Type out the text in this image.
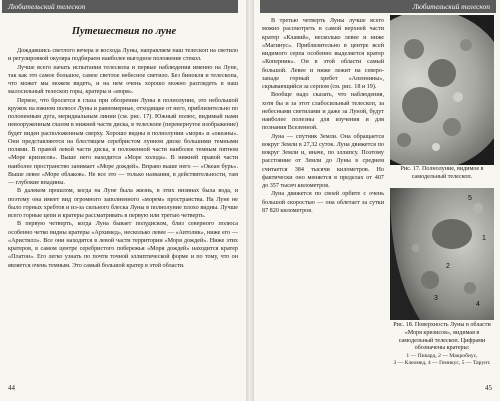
Любительский телескоп
Путешествия по луне

Дождавшись светлого вечера и восхода Луны, направляем наш телескоп на светило и регулировкой окуляра подбираем наиболее выгодное положение стекол.

Лучше всего начать испытания телескопа и первые наблюдения именно на Луне, так как это самое большое, самое светлое небесное светило. Без бинокля и телескопа, что может мы можем видеть, и на нем очень хорошо можно разглядеть в наш малосильный телескоп горы, кратеры и «моря».

Первое, что бросится в глаза при обозрении Луны в полнолуние, это небольшой кружок на южном полюсе Луны и равномерные, отходящие от него, приблизительно по полоненным дуга, меридиальным линии (см. рис. 17). Южный полюс, видимый нами невооруженным глазом в нижней части диска, в телескопе (перевернутое изображение) будет виден расположенным сверху. Хорошо видны в полнолунии «моря» и «океаны». Они представляются на блестящем серебристом лунном диске большими темными полями. В правой левой части диска, в положенной части наиболее темным пятном «Море кризисов». Выше него находится «Море холода». В нижней правой части наиболее пространство занимает «Море дождей». Вправо выше него — «Океан бурь». Выше левее «Море облаков». Не все это — только названия, в действительности, там — глубокие впадины.

В далеком прошлом, когда на Луне была жизнь, в этих низинах была вода, и поэтому она имеет вид огромного заполненного «морем» пространства. На Луне не было горных хребтов и из-за сильного блеска Луны в полнолуние плохо видны. Лучше всего горные цепи и кратеры рассматривать в первую или третью четверть.

В первую четверть, когда Луна бывает полудиском, близ северного полюса особенно четко видны кратеры «Архимед», несколько левее — «Автолик», ниже его — «Аристилл». Все они находятся в левой части территории «Моря дождей». Ниже этих кратеров, в самом центре серебристого побережья «Моря дождей» находится кратер «Платон». Его легко узнать по почти точной эллиптической форме и по тому, что он является очень темным. Это самый большой кратер в этой области.

44
Любительский телескоп

В третью четверть Луны лучше всего можно рассмотреть в самой верхней части кратер «Клавий», несколько левее и ниже «Магинус». Приблизительно в центре всей видимого серпа особенно выделяется кратер «Коперник». Он в этой области самый большой. Левее и ниже лежит на северо-западе горный хребет «Апеннины», скрывающийся за серпом (см. рис. 18 и 19).

Вообще надо сказать, что наблюдения, хотя бы и за этот слабосильный телескоп, за небесными светилами и даже за Луной, будут наиболее полезны для изучения и для познания Вселенной.

Луна — спутник Земли. Она обращается вокруг Земли в 27,32 суток. Луна движется по вокруг Земли и, иначе, по эллипсу. Поэтому расстояние от Земли до Луны в среднем считается 384 тысячи километров. Но фактически оно меняется в пределах от 407 до 357 тысяч километров.

Луна движется по своей орбите с очень большой скоростью — она облетает за сутки 87 820 километров.

Рис. 17. Полнолуние, видимое в самодельный телескоп.
5
1
2
3
4
Рис. 18. Поверхность Луны в области «Моря кризисов», видимая в самодельный телескоп. Цифрами обозначены кратеры:
1 — Пикард, 2 — Макробиус,
3 — Клеомед, 4 — Гемикус, 5 — Тарунт.
45
